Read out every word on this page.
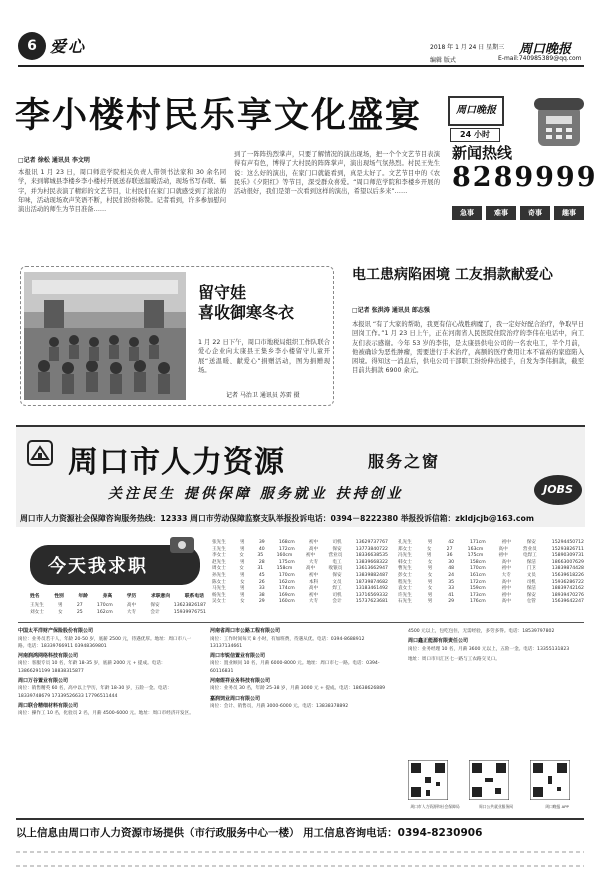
6 爱心	2018 年 1 月 24 日 星期三
编辑 版式
周口晚报
E-mail:740985389@qq.com
李小楼村民乐享文化盛宴
□记者 徐松 通讯员 李文明
本报讯 1 月 23 日，周口师范学院相关负责人带领书法家和 30 余名同学，来到郸城县李楼乡李小楼村开展送春联送温暖活动，现场书写春联、福字，并为村民表演了精彩的文艺节目，让村民们在家门口就感受到了浓浓的年味，活动现场欢声笑语不断，村民们纷纷称赞。记者看到，许多参加慰问演出活动的师生为节目准备……
到了一阵阵热烈掌声，只要了解情况的演出现场，把一个个文艺节目表演得有声有色，博得了大村民的阵阵掌声，演出现场气氛热烈。村民王先生说：这么好的演出，在家门口就能看到，真是太好了。文艺节目中的《农民乐》《夕阳红》等节目，深受群众喜爱。“周口师范学院和李楼乡开展的活动很好，我们是第一次看到这样的演出，希望以后多来”……
周口晚报
24 小时
新闻热线
8289999
急事	难事	奇事	趣事
留守娃
喜收御寒冬衣
1 月 22 日下午，周口市地税局组织工作队联合爱心企业向太康县王集乡李小楼留守儿童开展“送温暖、献爱心”捐赠活动，图为捐赠现场。
记者 马治卫 通讯员 苏雷 摄
电工患病陷困境 工友捐款献爱心
□记者 张洪涛 通讯员 郎志强
本报讯 “有了大家的帮助，我更有信心战胜病魔了，我一定好好配合治疗，争取早日回岗工作。”1 月 23 日上午，正在河南省人民医院住院治疗的李伟在电话中，向工友们表示感谢。今年 53 岁的李伟，是太康县供电公司的一名农电工，半个月前，他被确诊为恶性肿瘤，需要进行手术治疗，高额的医疗费用让本不富裕的家庭陷入困境。得知这一消息后，供电公司干部职工纷纷伸出援手，自发为李伟捐款，截至目前共捐款 6900 余元。
周口市人力资源	服务之窗
关注民生 提供保障 服务就业 扶持创业	JOBS
周口市人力资源社会保障咨询服务热线：12333 周口市劳动保障监察支队举报投诉电话：0394－8222380 举报投诉信箱：zkldjcjb@163.com
今天我求职
姓名	性别	年龄	身高	学历	求职意向	联系电话
王先生	男	27	170cm	高中	保安	13623826187
刘女士	女	25	162cm	大专	会计	15939976751
张先生	男	39	168cm	初中	司机	13629737767
王先生	男	40	172cm	高中	保安	13773840722
李女士	女	35	160cm	初中	营业员	18336638535
赵先生	男	28	175cm	大专	电工	13839668322
周女士	女	31	158cm	高中	收银员	13613662947
孙先生	男	45	170cm	初中	保安	13839882487
陈女士	女	26	162cm	本科	文员	18739874682
马先生	男	33	174cm	高中	焊工	13183461492
杨先生	男	38	169cm	初中	司机	13716569332
吴女士	女	29	160cm	大专	会计	15737623681
孔先生	男	42	171cm	初中	保安	15294450712
郑女士	女	27	163cm	高中	营业员	15293826711
冯先生	男	36	175cm	初中	电焊工	15890309731
韩女士	女	30	158cm	高中	保洁	18663007629
曹先生	男	48	170cm	初中	门卫	13839874428
彭女士	女	24	161cm	大专	文员	15639618226
程先生	男	35	172cm	高中	司机	15936286722
袁女士	女	33	159cm	初中	保洁	18839742162
许先生	男	41	173cm	初中	保安	18939470276
石先生	男	29	176cm	高中	仓管	15639642247
中国太平洋财产保险股份有限公司
岗位：业务员若干人，年龄 20-50 岁，底薪 2500 元，待遇优厚。地址：周口市八一路。电话：18339766911 03948369801
河南润鸿网络科技有限公司
岗位：客服专员 10 名，年龄 18-35 岁，底薪 2000 元 + 提成。电话：13866291199 18838315877
周口万谷置业有限公司
岗位：销售精英 60 名，高中以上学历，年龄 18-30 岁，五险一金。电话：18339748679 17339526633 17796511444
周口联合精细材料有限公司
岗位：操作工 10 名，化验员 2 名，月薪 4500-6000 元。地址：周口市经济开发区。
河南省周口市公路工程有限公司
岗位：工作时间每天 8 小时，有加班费，待遇从优。电话：0394-8688912 13137134661
周口市锐信置业有限公司
岗位：置业顾问 10 名，月薪 6000-8000 元。地址：周口市七一路。电话：0394-60116831
河南煜祥业务科技有限公司
岗位：业务员 30 名，年龄 25-38 岁，月薪 3000 元 + 提成。电话：18638626889
嘉润饲业周口有限公司
岗位：会计、销售员，月薪 3000-6000 元。电话：13838378892
4500 元以上，包吃包住，无需经验，多劳多得。电话：18539797802
周口鑫正能源有限责任公司
岗位：业务经理 10 名，月薪 3600 元以上，五险一金。电话：13355131823
地址：周口市川汇区七一路与工农路交叉口。
周口市人力资源和社会保障局	周口公共就业服务网	周口晚报 APP
以上信息由周口市人力资源市场提供（市行政服务中心一楼） 用工信息咨询电话：0394-8230906
